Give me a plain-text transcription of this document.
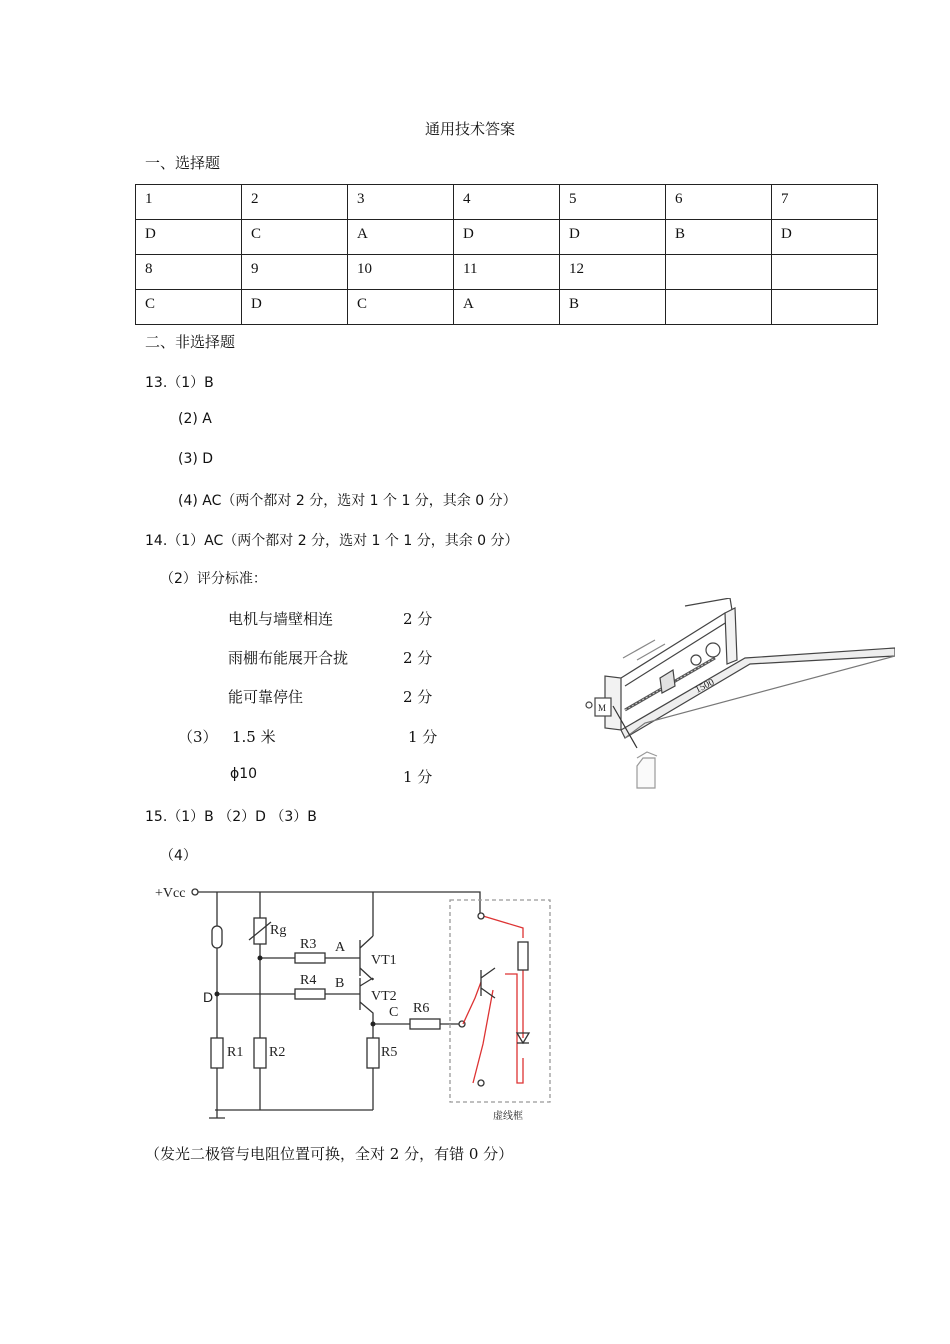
通用技术答案
一、选择题
1	2	3	4	5	6	7
D	C	A	D	D	B	D
8	9	10	11	12		
C	D	C	A	B		
二、非选择题
13.（1）B
(2) A
(3) D
(4) AC（两个都对 2 分，选对 1 个 1 分，其余 0 分）
14.（1）AC（两个都对 2 分，选对 1 个 1 分，其余 0 分）
（2）评分标准：
电机与墙壁相连	2 分
雨棚布能展开合拢	2 分
能可靠停住	2 分
（3） 1.5 米	1 分
ϕ10	1 分
1500
M
15.（1）B （2）D （3）B
（4）
+Vcc
Rg
R3
R4
A
B
VT1
VT2
C R6
R1 R2	R5
D
虚线框
（发光二极管与电阻位置可换，全对 2 分，有错 0 分）
